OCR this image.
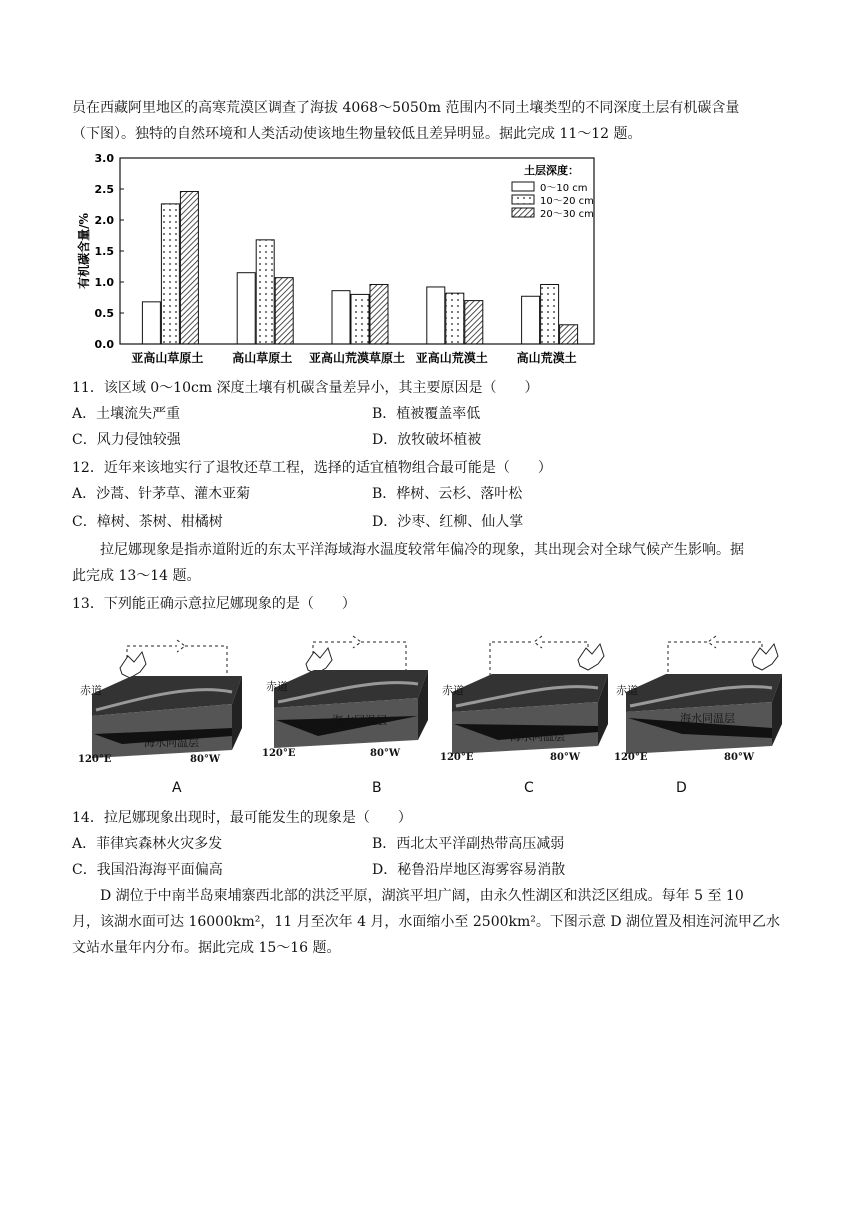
员在西藏阿里地区的高寒荒漠区调查了海拔 4068～5050m 范围内不同土壤类型的不同深度土层有机碳含量
（下图）。独特的自然环境和人类活动使该地生物量较低且差异明显。据此完成 11～12 题。
0.0
0.5
1.0
1.5
2.0
2.5
3.0
有机碳含量/%
亚高山草原土 高山草原土 亚高山荒漠草原土 亚高山荒漠土 高山荒漠土
土层深度：
0～10 cm
10～20 cm
20～30 cm
11．该区域 0～10cm 深度土壤有机碳含量差异小，其主要原因是（　　）
A．土壤流失严重	B．植被覆盖率低
C．风力侵蚀较强	D．放牧破坏植被
12．近年来该地实行了退牧还草工程，选择的适宜植物组合最可能是（　　）
A．沙蒿、针茅草、灌木亚菊	B．桦树、云杉、落叶松
C．樟树、茶树、柑橘树	D．沙枣、红柳、仙人掌
拉尼娜现象是指赤道附近的东太平洋海域海水温度较常年偏冷的现象，其出现会对全球气候产生影响。据
此完成 13～14 题。
13．下列能正确示意拉尼娜现象的是（　　）
赤道
海水同温层
120°E	80°W
赤道
海水同温层
120°E	80°W
赤道
海水同温层
120°E	80°W
赤道
海水同温层
120°E	80°W
A	B	C	D
14．拉尼娜现象出现时，最可能发生的现象是（　　）
A．菲律宾森林火灾多发	B．西北太平洋副热带高压减弱
C．我国沿海海平面偏高	D．秘鲁沿岸地区海雾容易消散
D 湖位于中南半岛柬埔寨西北部的洪泛平原，湖滨平坦广阔，由永久性湖区和洪泛区组成。每年 5 至 10
月，该湖水面可达 16000km²，11 月至次年 4 月，水面缩小至 2500km²。下图示意 D 湖位置及相连河流甲乙水
文站水量年内分布。据此完成 15～16 题。
